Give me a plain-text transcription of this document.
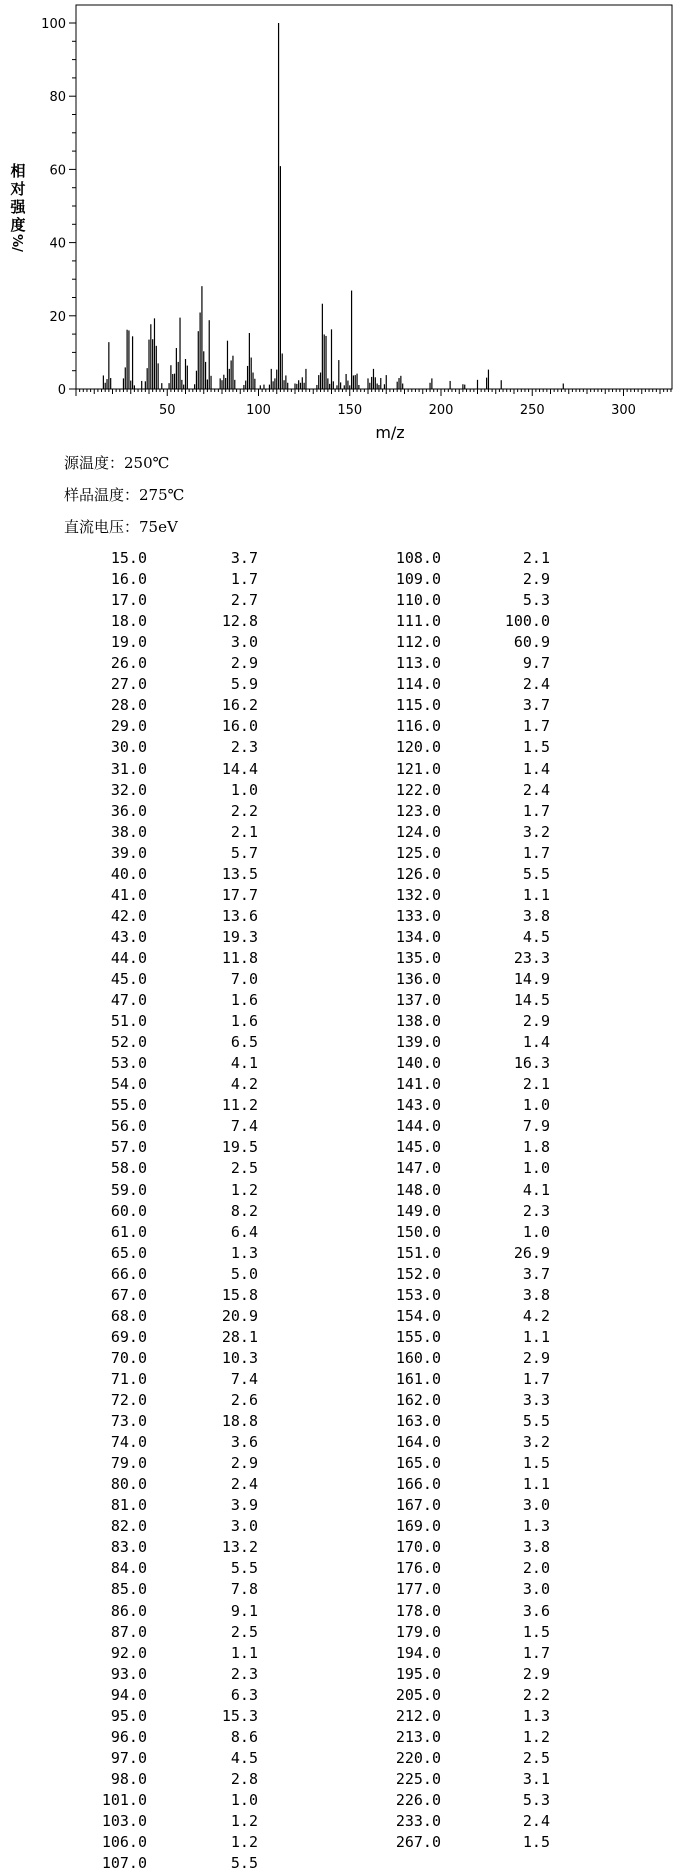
50	100	150	200	250	300
0
20
40
60
80
100
m/z
相
对
强
度
%/
源温度：250℃
样品温度：275℃
直流电压：75eV
15.0	3.7
16.0	1.7
17.0	2.7
18.0	12.8
19.0	3.0
26.0	2.9
27.0	5.9
28.0	16.2
29.0	16.0
30.0	2.3
31.0	14.4
32.0	1.0
36.0	2.2
38.0	2.1
39.0	5.7
40.0	13.5
41.0	17.7
42.0	13.6
43.0	19.3
44.0	11.8
45.0	7.0
47.0	1.6
51.0	1.6
52.0	6.5
53.0	4.1
54.0	4.2
55.0	11.2
56.0	7.4
57.0	19.5
58.0	2.5
59.0	1.2
60.0	8.2
61.0	6.4
65.0	1.3
66.0	5.0
67.0	15.8
68.0	20.9
69.0	28.1
70.0	10.3
71.0	7.4
72.0	2.6
73.0	18.8
74.0	3.6
79.0	2.9
80.0	2.4
81.0	3.9
82.0	3.0
83.0	13.2
84.0	5.5
85.0	7.8
86.0	9.1
87.0	2.5
92.0	1.1
93.0	2.3
94.0	6.3
95.0	15.3
96.0	8.6
97.0	4.5
98.0	2.8
101.0	1.0
103.0	1.2
106.0	1.2
107.0	5.5
108.0	2.1
109.0	2.9
110.0	5.3
111.0	100.0
112.0	60.9
113.0	9.7
114.0	2.4
115.0	3.7
116.0	1.7
120.0	1.5
121.0	1.4
122.0	2.4
123.0	1.7
124.0	3.2
125.0	1.7
126.0	5.5
132.0	1.1
133.0	3.8
134.0	4.5
135.0	23.3
136.0	14.9
137.0	14.5
138.0	2.9
139.0	1.4
140.0	16.3
141.0	2.1
143.0	1.0
144.0	7.9
145.0	1.8
147.0	1.0
148.0	4.1
149.0	2.3
150.0	1.0
151.0	26.9
152.0	3.7
153.0	3.8
154.0	4.2
155.0	1.1
160.0	2.9
161.0	1.7
162.0	3.3
163.0	5.5
164.0	3.2
165.0	1.5
166.0	1.1
167.0	3.0
169.0	1.3
170.0	3.8
176.0	2.0
177.0	3.0
178.0	3.6
179.0	1.5
194.0	1.7
195.0	2.9
205.0	2.2
212.0	1.3
213.0	1.2
220.0	2.5
225.0	3.1
226.0	5.3
233.0	2.4
267.0	1.5
